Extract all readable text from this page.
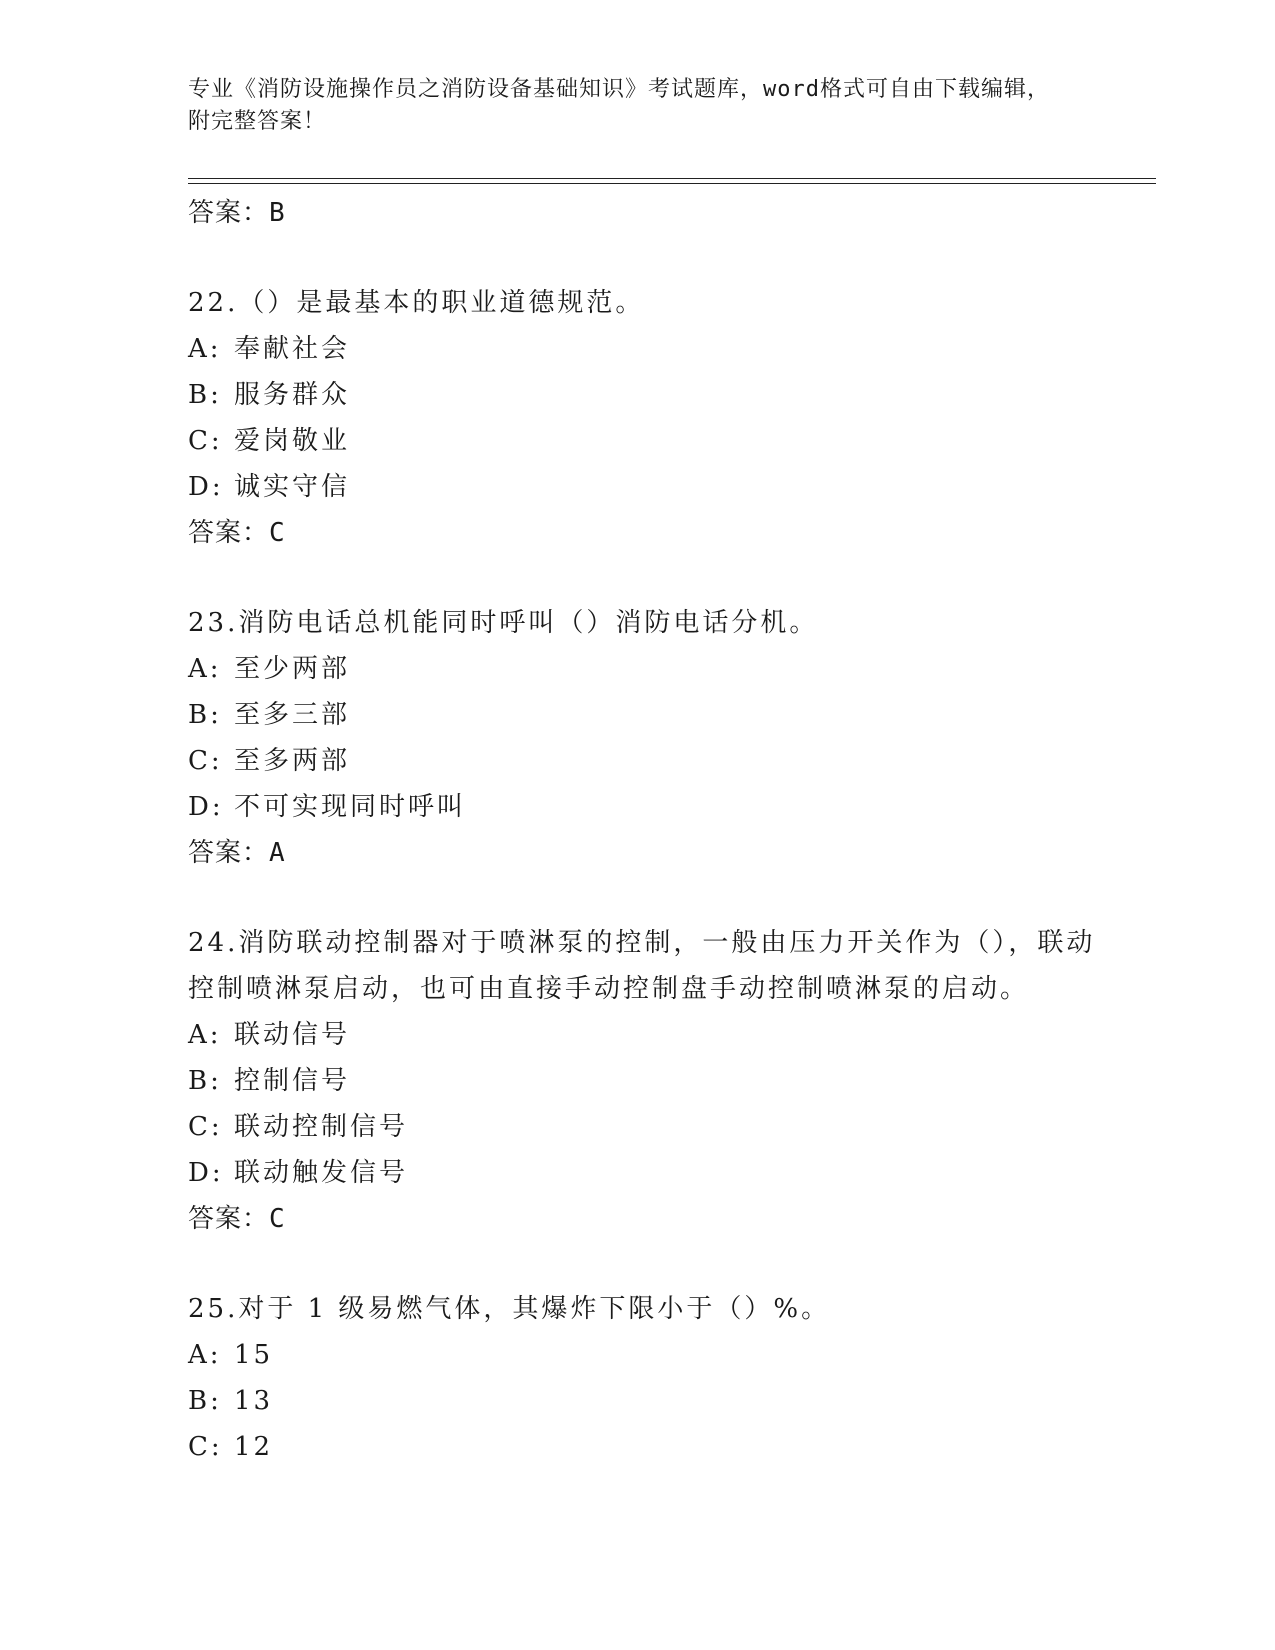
专业《消防设施操作员之消防设备基础知识》考试题库，word格式可自由下载编辑，附完整答案！
答案：B
22.（）是最基本的职业道德规范。
A: 奉献社会
B: 服务群众
C: 爱岗敬业
D: 诚实守信
答案：C
23.消防电话总机能同时呼叫（）消防电话分机。
A: 至少两部
B: 至多三部
C: 至多两部
D: 不可实现同时呼叫
答案：A
24.消防联动控制器对于喷淋泵的控制，一般由压力开关作为（），联动控制喷淋泵启动，也可由直接手动控制盘手动控制喷淋泵的启动。
A: 联动信号
B: 控制信号
C: 联动控制信号
D: 联动触发信号
答案：C
25.对于 1 级易燃气体，其爆炸下限小于（）%。
A: 15
B: 13
C: 12
